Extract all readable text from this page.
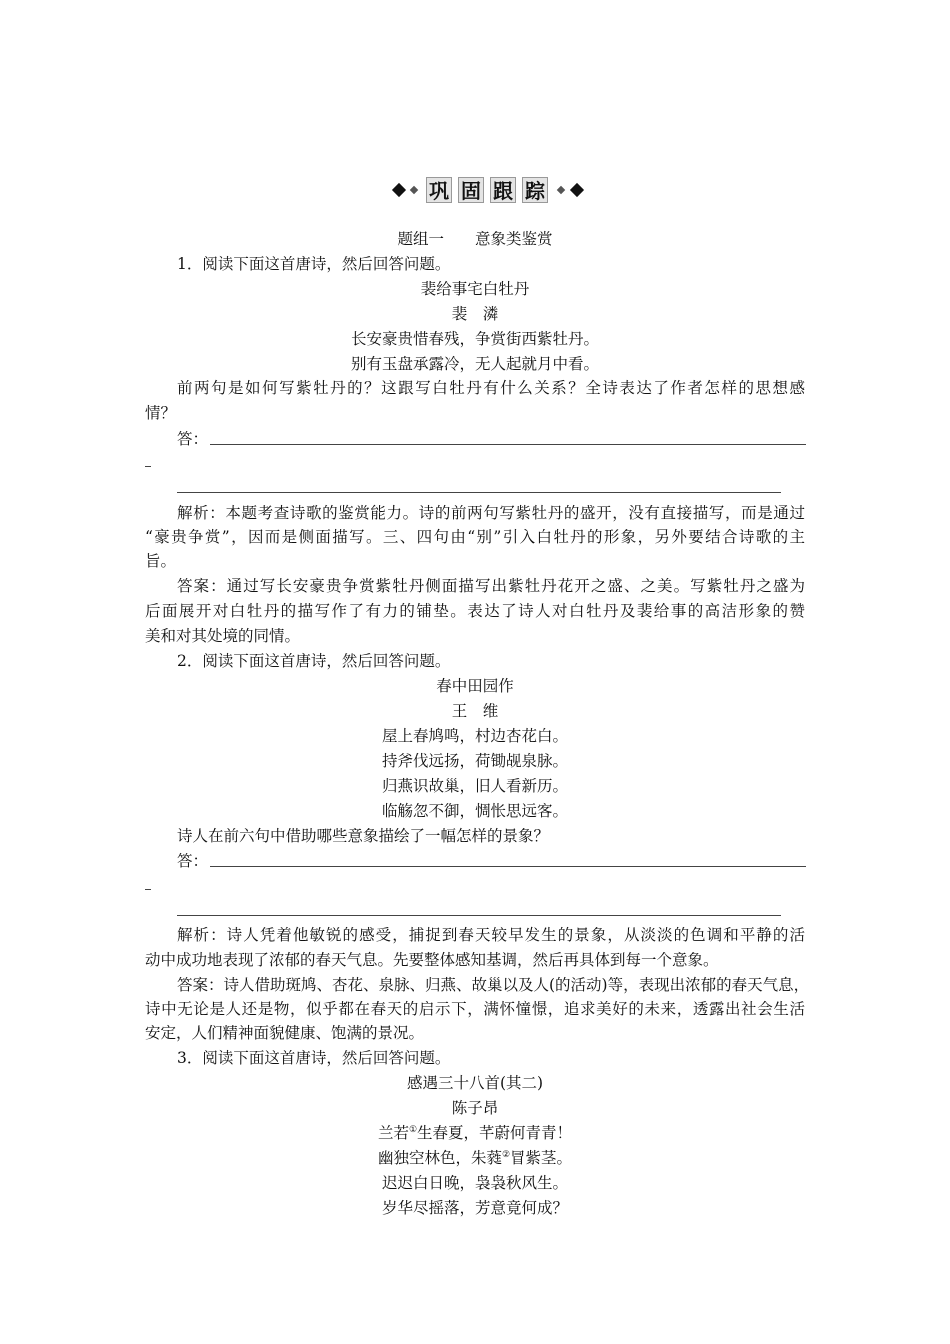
巩 固 跟 踪
题组一　　意象类鉴赏
1．阅读下面这首唐诗，然后回答问题。
裴给事宅白牡丹
裴　潾
长安豪贵惜春残，争赏街西紫牡丹。
别有玉盘承露冷，无人起就月中看。
前两句是如何写紫牡丹的？这跟写白牡丹有什么关系？全诗表达了作者怎样的思想感
情？
答：
解析：本题考查诗歌的鉴赏能力。诗的前两句写紫牡丹的盛开，没有直接描写，而是通过
“豪贵争赏”，因而是侧面描写。三、四句由“别”引入白牡丹的形象，另外要结合诗歌的主
旨。
答案：通过写长安豪贵争赏紫牡丹侧面描写出紫牡丹花开之盛、之美。写紫牡丹之盛为
后面展开对白牡丹的描写作了有力的铺垫。表达了诗人对白牡丹及裴给事的高洁形象的赞
美和对其处境的同情。
2．阅读下面这首唐诗，然后回答问题。
春中田园作
王　维
屋上春鸠鸣，村边杏花白。
持斧伐远扬，荷锄觇泉脉。
归燕识故巢，旧人看新历。
临觞忽不御，惆怅思远客。
诗人在前六句中借助哪些意象描绘了一幅怎样的景象？
答：
解析：诗人凭着他敏锐的感受，捕捉到春天较早发生的景象，从淡淡的色调和平静的活
动中成功地表现了浓郁的春天气息。先要整体感知基调，然后再具体到每一个意象。
答案：诗人借助斑鸠、杏花、泉脉、归燕、故巢以及人(的活动)等，表现出浓郁的春天气息，
诗中无论是人还是物，似乎都在春天的启示下，满怀憧憬，追求美好的未来，透露出社会生活
安定，人们精神面貌健康、饱满的景况。
3．阅读下面这首唐诗，然后回答问题。
感遇三十八首(其二)
陈子昂
兰若①生春夏，芊蔚何青青！
幽独空林色，朱蕤②冒紫茎。
迟迟白日晚，袅袅秋风生。
岁华尽摇落，芳意竟何成？
